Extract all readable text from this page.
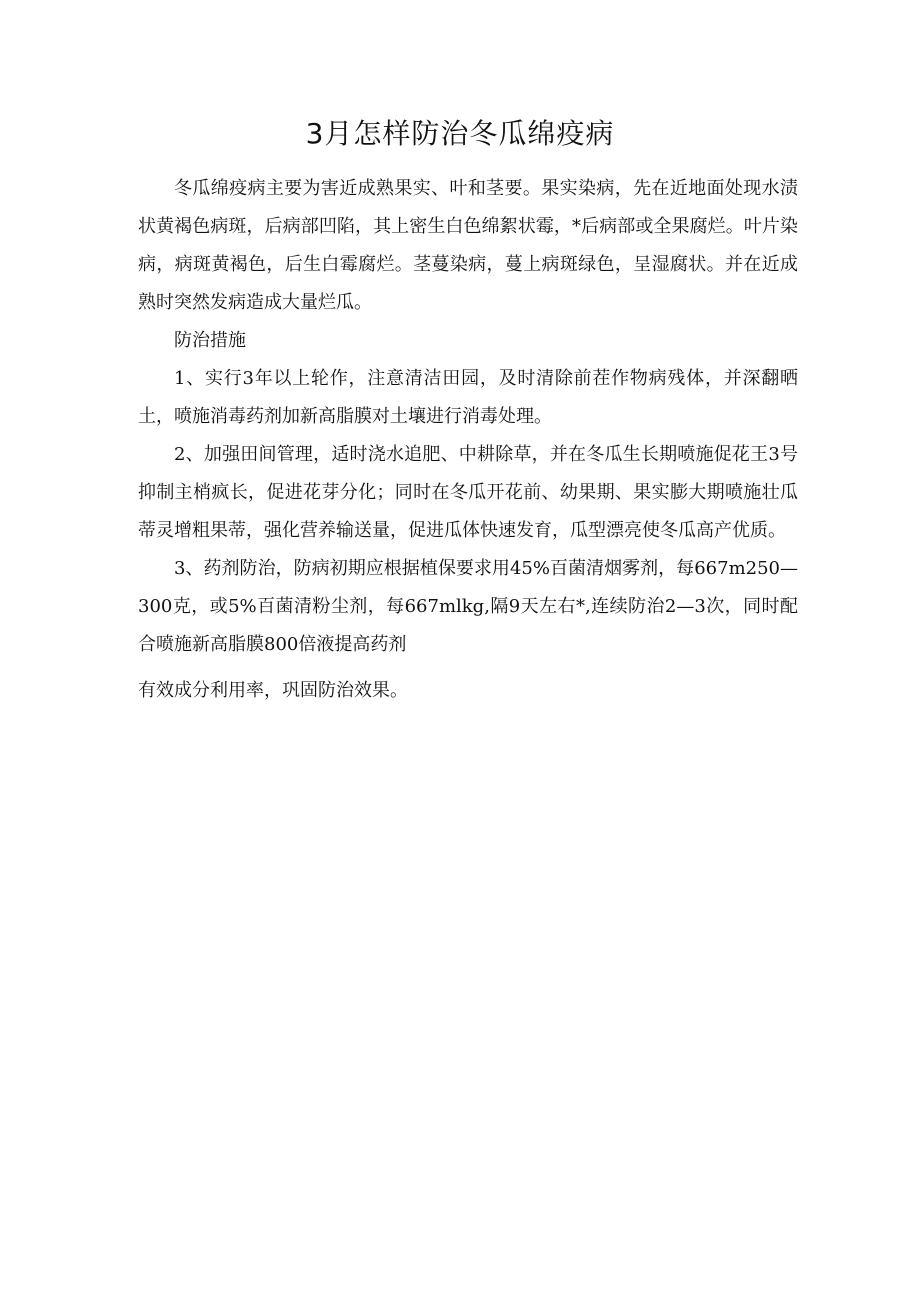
3月怎样防治冬瓜绵疫病

冬瓜绵疫病主要为害近成熟果实、叶和茎要。果实染病，先在近地面处现水渍状黄褐色病斑，后病部凹陷，其上密生白色绵絮状霉，*后病部或全果腐烂。叶片染病，病斑黄褐色，后生白霉腐烂。茎蔓染病，蔓上病斑绿色，呈湿腐状。并在近成熟时突然发病造成大量烂瓜。

防治措施

1、实行3年以上轮作，注意清洁田园，及时清除前茬作物病残体，并深翻晒土，喷施消毒药剂加新高脂膜对土壤进行消毒处理。

2、加强田间管理，适时浇水追肥、中耕除草，并在冬瓜生长期喷施促花王3号抑制主梢疯长，促进花芽分化；同时在冬瓜开花前、幼果期、果实膨大期喷施壮瓜蒂灵增粗果蒂，强化营养输送量，促进瓜体快速发育，瓜型漂亮使冬瓜高产优质。

3、药剂防治，防病初期应根据植保要求用45%百菌清烟雾剂，每667m250—300克，或5%百菌清粉尘剂，每667mlkg,隔9天左右*,连续防治2—3次，同时配合喷施新高脂膜800倍液提高药剂

有效成分利用率，巩固防治效果。
